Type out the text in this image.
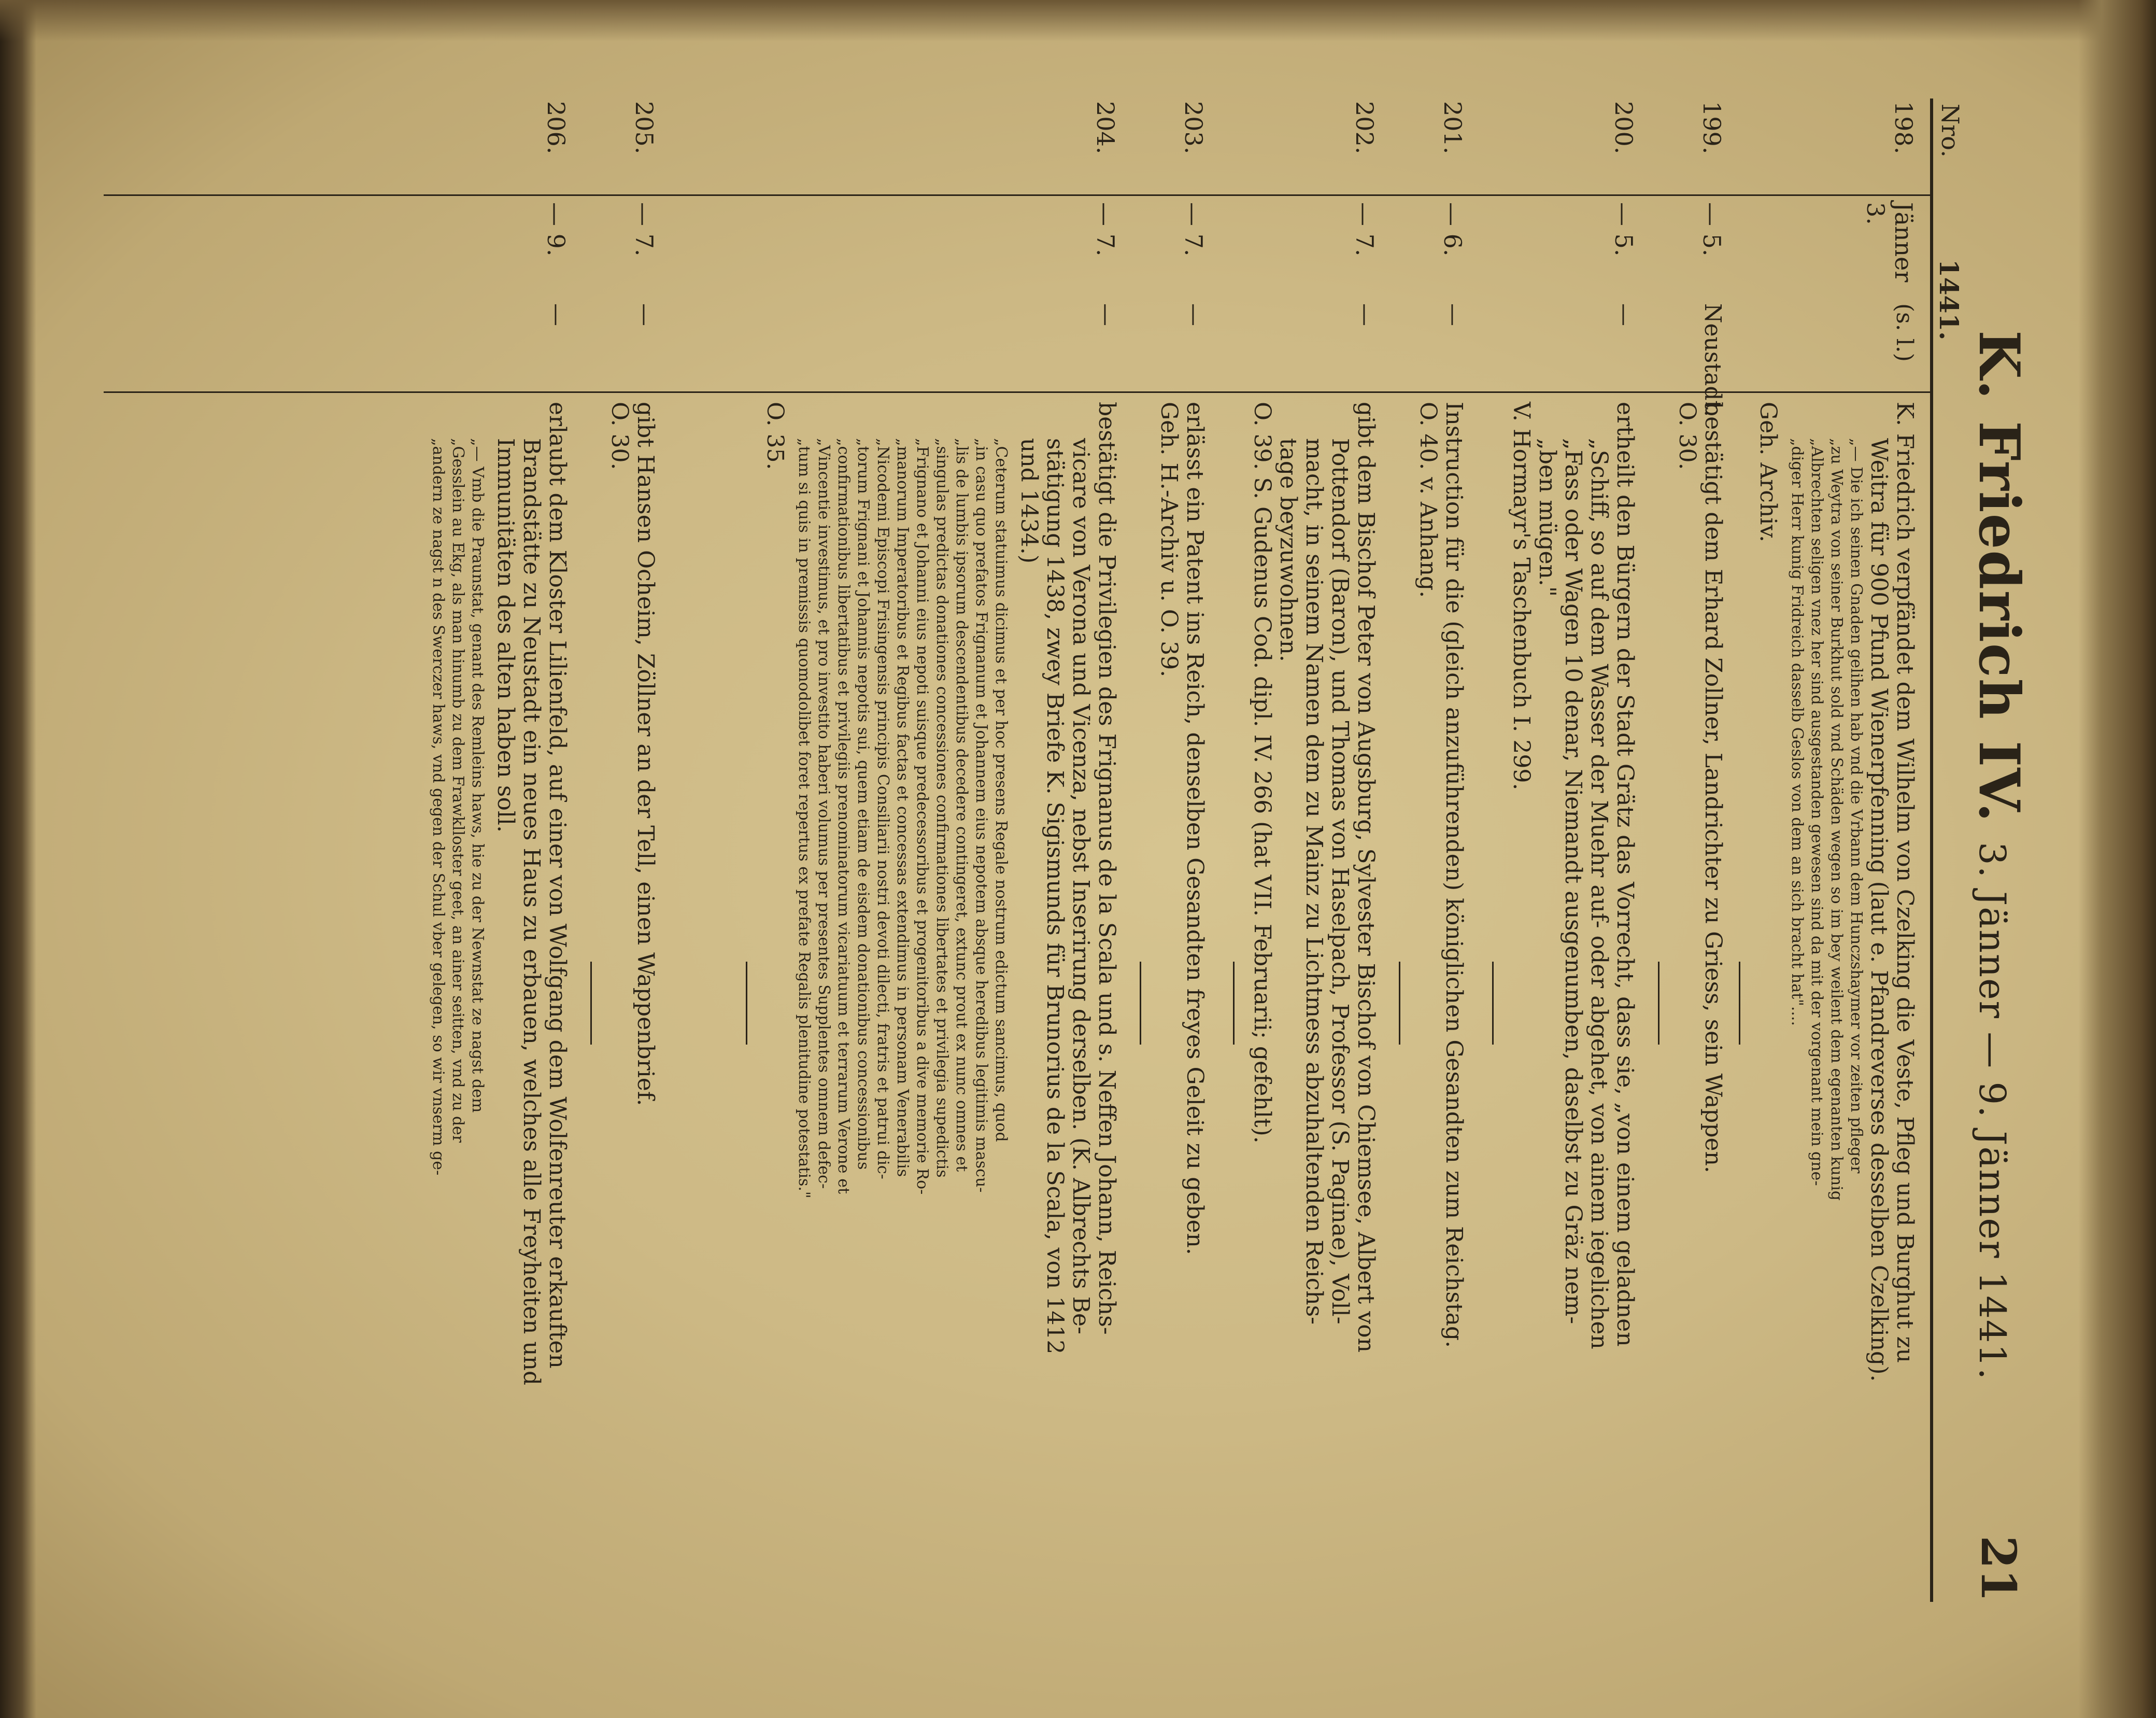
K. Friedrich IV. 3. Jänner — 9. Jänner 1441.
21
Nro.
1441.
198.
Jänner 3.
(s. l.)

K. Friedrich verpfändet dem Wilhelm von Czelking die Veste, Pfleg und Burghut zu

Weitra für 900 Pfund Wienerpfenning (laut e. Pfandreverses desselben Czelking).

„— Die ich seinen Gnaden gelihen hab vnd die Vrbann dem Hunczshaymer vor zeiten pfleger

„zu Weytra von seiner Burkhut sold vnd Schäden wegen so im bey weilent dem egenanten kunig

„Albrechten seligen vnez her sind ausgestanden gewesen sind da mit der vorgenant mein gne-

„diger Herr kunig Fridreich dasselb Geslos von dem an sich bracht hat"....

Geh. Archiv.

199.
— 5.
Neustadt.

bestätigt dem Erhard Zollner, Landrichter zu Griess, sein Wappen.

O. 30.

200.
— 5.
—

ertheilt den Bürgern der Stadt Grätz das Vorrecht, dass sie, „von einem geladnen

„Schiff, so auf dem Wasser der Muehr auf- oder abgehet, von ainem iegelichen

„Fass oder Wagen 10 denar, Niemandt ausgenumben, daselbst zu Gräz nem-

„ben mügen."

V. Hormayr's Taschenbuch I. 299.

201.
— 6.
—

Instruction für die (gleich anzuführenden) königlichen Gesandten zum Reichstag.

O. 40. v. Anhang.

202.
— 7.
—

gibt dem Bischof Peter von Augsburg, Sylvester Bischof von Chiemsee, Albert von

Pottendorf (Baron), und Thomas von Haselpach, Professor (S. Paginae), Voll-

macht, in seinem Namen dem zu Mainz zu Lichtmess abzuhaltenden Reichs-

tage beyzuwohnen.

O. 39. S. Gudenus Cod. dipl. IV. 266 (hat VII. Februarii; gefehlt).

203.
— 7.
—

erlässt ein Patent ins Reich, denselben Gesandten freyes Geleit zu geben.

Geh. H.-Archiv u. O. 39.

204.
— 7.
—

bestätigt die Privilegien des Frignanus de la Scala und s. Neffen Johann, Reichs-

vicare von Verona und Vicenza, nebst Inserirung derselben. (K. Albrechts Be-

stätigung 1438, zwey Briefe K. Sigismunds für Brunorius de la Scala, von 1412

und 1434.)

„Ceterum statuimus dicimus et per hoc presens Regale nostrum edictum sancimus, quod

„in casu quo prefatos Frignanum et Johannem eius nepotem absque heredibus legitimis mascu-

„lis de lumbis ipsorum descendentibus decedere contingeret, extunc prout ex nunc omnes et

„singulas predictas donationes concessiones confirmationes libertates et privilegia supedictis

„Frignano et Johanni eius nepoti suisque predecessoribus et progenitoribus a dive memorie Ro-

„manorum Imperatoribus et Regibus factas et concessas extendimus in personam Venerabilis

„Nicodemi Episcopi Frisingensis principis Consiliarii nostri devoti dilecti, fratris et patrui dic-

„torum Frignani et Johannis nepotis sui, quem etiam de eisdem donationibus concessionibus

„confirmationibus libertatibus et privilegiis prenominatorum vicariatuum et terrarum Verone et

„Vincentie investimus, et pro investito haberi volumus per presentes Supplentes omnem defec-

„tum si quis in premissis quomodolibet foret repertus ex prefate Regalis plenitudine potestatis."

O. 35.

205.
— 7.
—

gibt Hansen Ocheim, Zöllner an der Tell, einen Wappenbrief.

O. 30.

206.
— 9.
—

erlaubt dem Kloster Lilienfeld, auf einer von Wolfgang dem Wolfenreuter erkauften

Brandstätte zu Neustadt ein neues Haus zu erbauen, welches alle Freyheiten und

Immunitäten des alten haben soll.

„— Vmb die Praunstat, genant des Remleins haws, hie zu der Newnstat ze nagst dem

„Gesslein au Ekg, als man hinumb zu dem Frawklloster geet, an ainer seitten, vnd zu der

„andern ze nagst n des Swerczer haws, vnd gegen der Schul vber gelegen, so wir vnserm ge-
